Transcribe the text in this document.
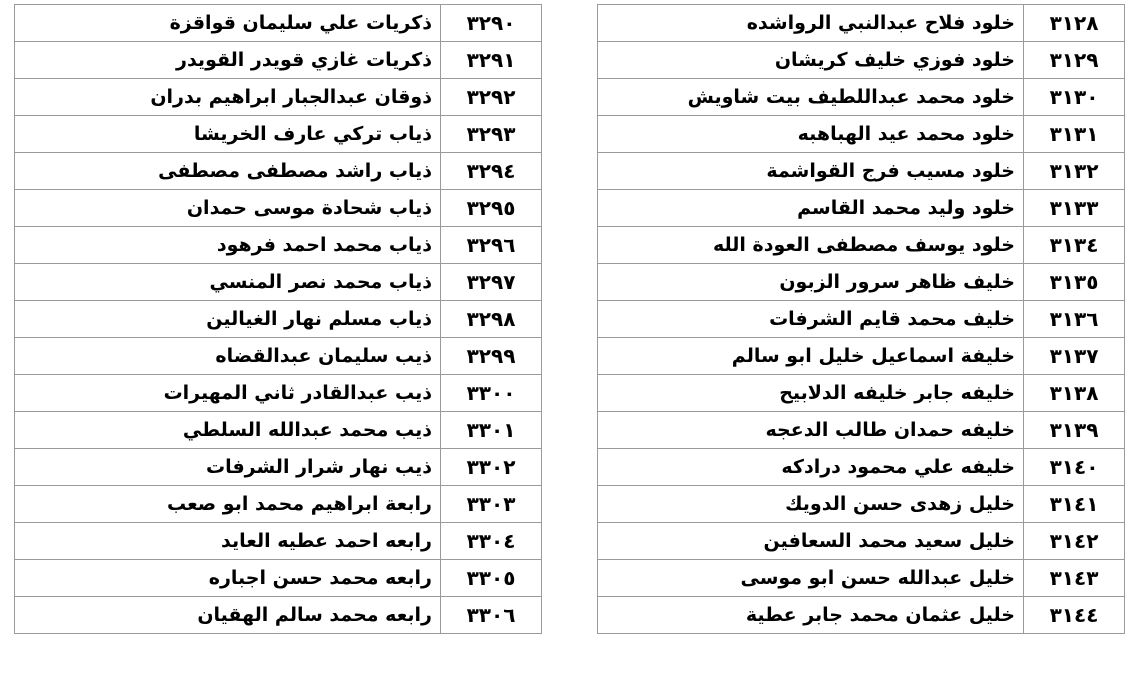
٣١٢٨	خلود فلاح عبدالنبي الرواشده
٣١٢٩	خلود فوزي خليف كريشان
٣١٣٠	خلود محمد عبداللطيف بيت شاويش
٣١٣١	خلود محمد عيد الهباهبه
٣١٣٢	خلود مسيب فرج القواشمة
٣١٣٣	خلود وليد محمد القاسم
٣١٣٤	خلود يوسف مصطفى العودة الله
٣١٣٥	خليف ظاهر سرور الزبون
٣١٣٦	خليف محمد قايم الشرفات
٣١٣٧	خليفة اسماعيل خليل ابو سالم
٣١٣٨	خليفه جابر خليفه الدلابيح
٣١٣٩	خليفه حمدان طالب الدعجه
٣١٤٠	خليفه علي محمود درادكه
٣١٤١	خليل زهدى حسن الدويك
٣١٤٢	خليل سعيد محمد السعافين
٣١٤٣	خليل عبدالله حسن ابو موسى
٣١٤٤	خليل عثمان محمد جابر عطية
٣٢٩٠	ذكريات علي سليمان قواقزة
٣٢٩١	ذكريات غازي قويدر القويدر
٣٢٩٢	ذوقان عبدالجبار ابراهيم بدران
٣٢٩٣	ذياب تركي عارف الخريشا
٣٢٩٤	ذياب راشد مصطفى مصطفى
٣٢٩٥	ذياب شحادة موسى حمدان
٣٢٩٦	ذياب محمد احمد فرهود
٣٢٩٧	ذياب محمد نصر المنسي
٣٢٩٨	ذياب مسلم نهار الغيالين
٣٢٩٩	ذيب سليمان عبدالقضاه
٣٣٠٠	ذيب عبدالقادر ثاني المهيرات
٣٣٠١	ذيب محمد عبدالله السلطي
٣٣٠٢	ذيب نهار شرار الشرفات
٣٣٠٣	رابعة ابراهيم محمد ابو صعب
٣٣٠٤	رابعه احمد عطيه العايد
٣٣٠٥	رابعه محمد حسن اجباره
٣٣٠٦	رابعه محمد سالم الهقيان
